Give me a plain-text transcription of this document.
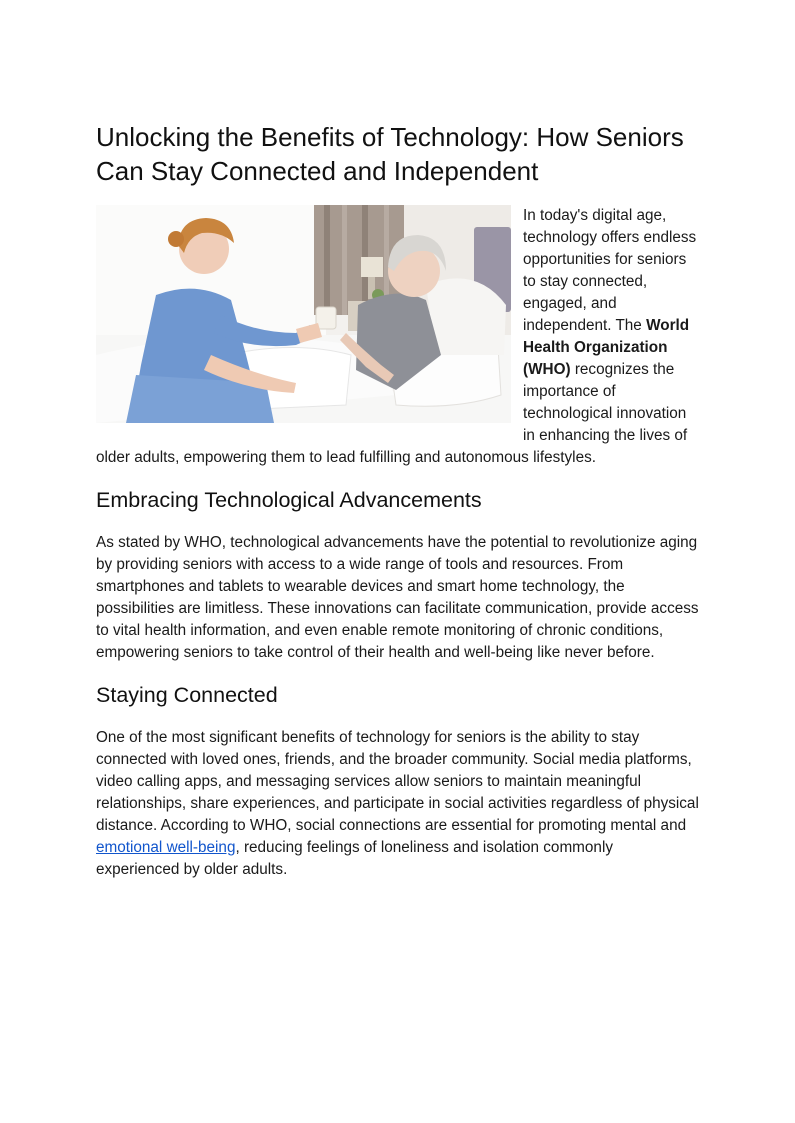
Unlocking the Benefits of Technology: How Seniors Can Stay Connected and Independent

In today's digital age, technology offers endless opportunities for seniors to stay connected, engaged, and independent. The World Health Organization (WHO) recognizes the importance of technological innovation in enhancing the lives of older adults, empowering them to lead fulfilling and autonomous lifestyles.

Embracing Technological Advancements

As stated by WHO, technological advancements have the potential to revolutionize aging by providing seniors with access to a wide range of tools and resources. From smartphones and tablets to wearable devices and smart home technology, the possibilities are limitless. These innovations can facilitate communication, provide access to vital health information, and even enable remote monitoring of chronic conditions, empowering seniors to take control of their health and well-being like never before.

Staying Connected

One of the most significant benefits of technology for seniors is the ability to stay connected with loved ones, friends, and the broader community. Social media platforms, video calling apps, and messaging services allow seniors to maintain meaningful relationships, share experiences, and participate in social activities regardless of physical distance. According to WHO, social connections are essential for promoting mental and emotional well-being, reducing feelings of loneliness and isolation commonly experienced by older adults.
